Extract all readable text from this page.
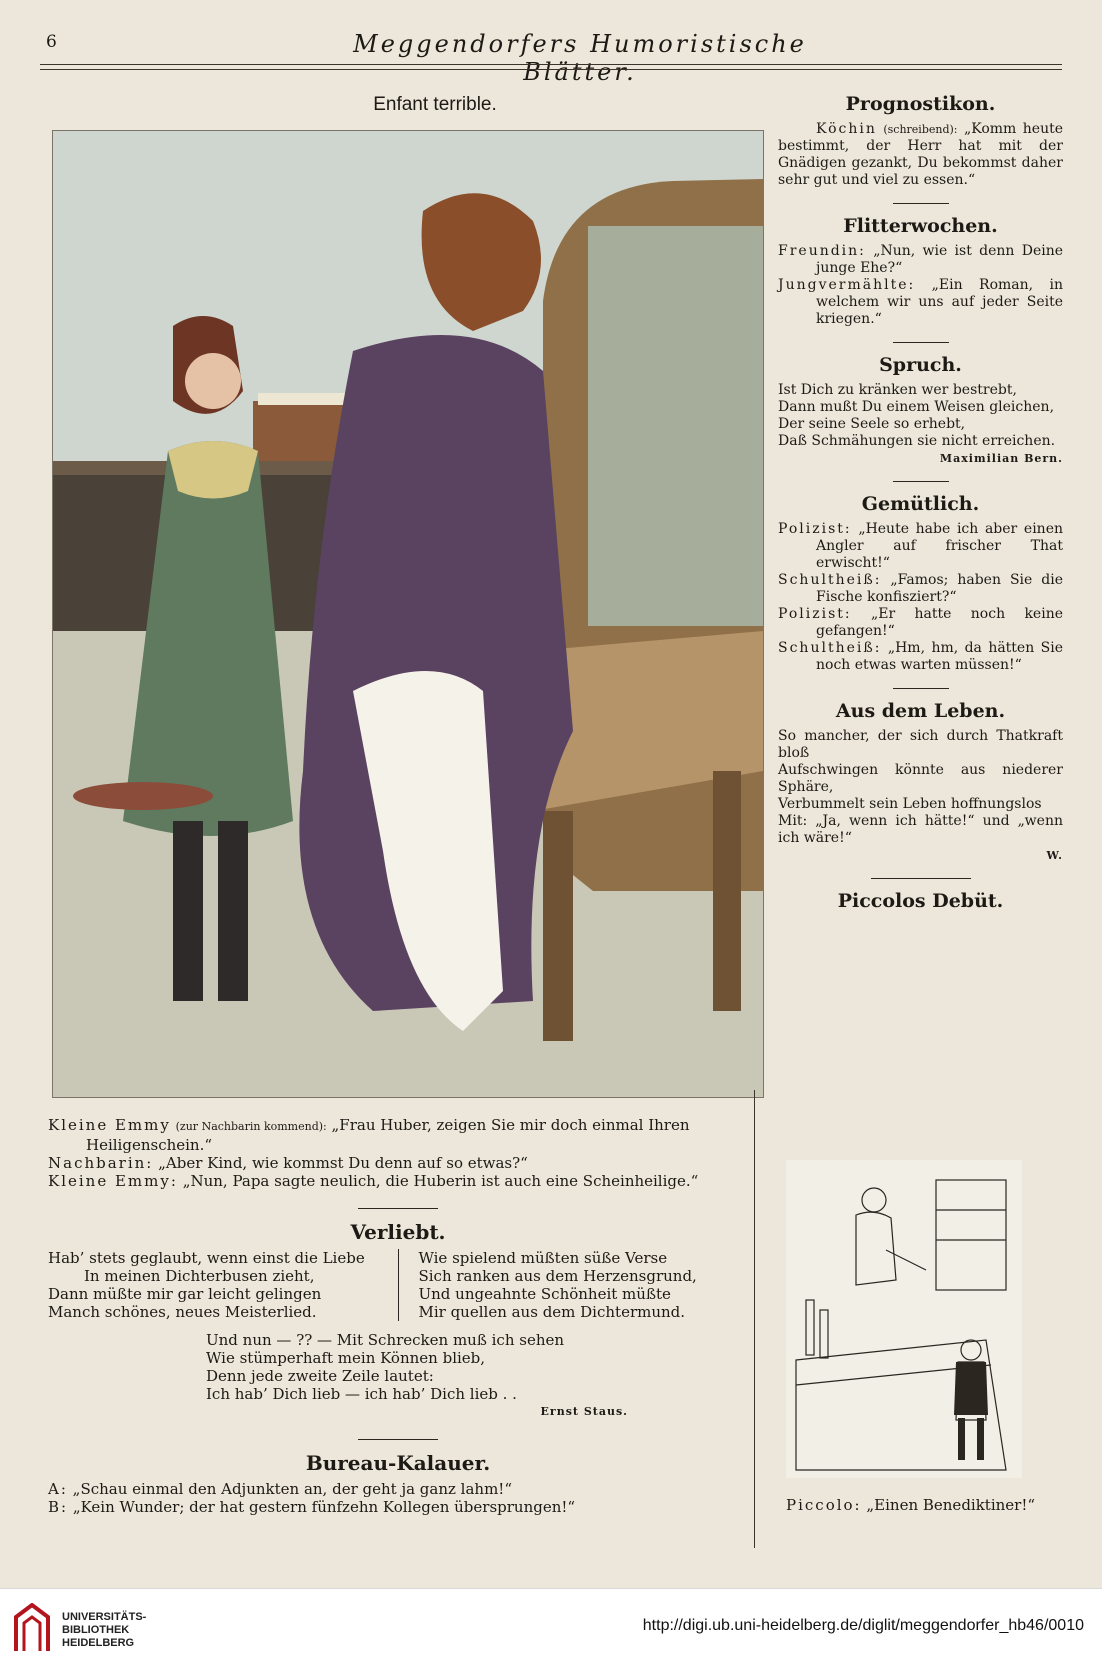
6	Meggendorfers Humoristische Blätter.
Enfant terrible.	Prognostikon.

Köchin (schreibend): „Komm heute bestimmt, der Herr hat mit der Gnädigen gezankt, Du bekommst daher sehr gut und viel zu essen.“

Flitterwochen.

Freundin: „Nun, wie ist denn Deine junge Ehe?“

Jungvermählte: „Ein Roman, in welchem wir uns auf jeder Seite kriegen.“

Spruch.

Ist Dich zu kränken wer bestrebt,

Dann mußt Du einem Weisen gleichen,

Der seine Seele so erhebt,

Daß Schmähungen sie nicht erreichen.

Maximilian Bern.
Gemütlich.

Polizist: „Heute habe ich aber einen Angler auf frischer That erwischt!“

Schultheiß: „Famos; haben Sie die Fische konfisziert?“

Polizist: „Er hatte noch keine gefangen!“

Schultheiß: „Hm, hm, da hätten Sie noch etwas warten müssen!“

Aus dem Leben.

So mancher, der sich durch Thatkraft bloß

Aufschwingen könnte aus niederer Sphäre,

Verbummelt sein Leben hoffnungslos

Mit: „Ja, wenn ich hätte!“ und „wenn ich wäre!“

W.
Piccolos Debüt.
Piccolo: „Einen Benediktiner!“

Kleine Emmy (zur Nachbarin kommend): „Frau Huber, zeigen Sie mir doch einmal Ihren Heiligenschein.“

Nachbarin: „Aber Kind, wie kommst Du denn auf so etwas?“

Kleine Emmy: „Nun, Papa sagte neulich, die Huberin ist auch eine Scheinheilige.“

Verliebt.

Hab’ stets geglaubt, wenn einst die Liebe

In meinen Dichterbusen zieht,

Dann müßte mir gar leicht gelingen

Manch schönes, neues Meisterlied.

Wie spielend müßten süße Verse

Sich ranken aus dem Herzensgrund,

Und ungeahnte Schönheit müßte

Mir quellen aus dem Dichtermund.

Und nun — ?? — Mit Schrecken muß ich sehen

Wie stümperhaft mein Können blieb,

Denn jede zweite Zeile lautet:

Ich hab’ Dich lieb — ich hab’ Dich lieb . .

Ernst Staus.
Bureau-Kalauer.

A: „Schau einmal den Adjunkten an, der geht ja ganz lahm!“

B: „Kein Wunder; der hat gestern fünfzehn Kollegen übersprungen!“

UNIVERSITÄTS-
BIBLIOTHEK
HEIDELBERG
http://digi.ub.uni-heidelberg.de/diglit/meggendorfer_hb46/0010
